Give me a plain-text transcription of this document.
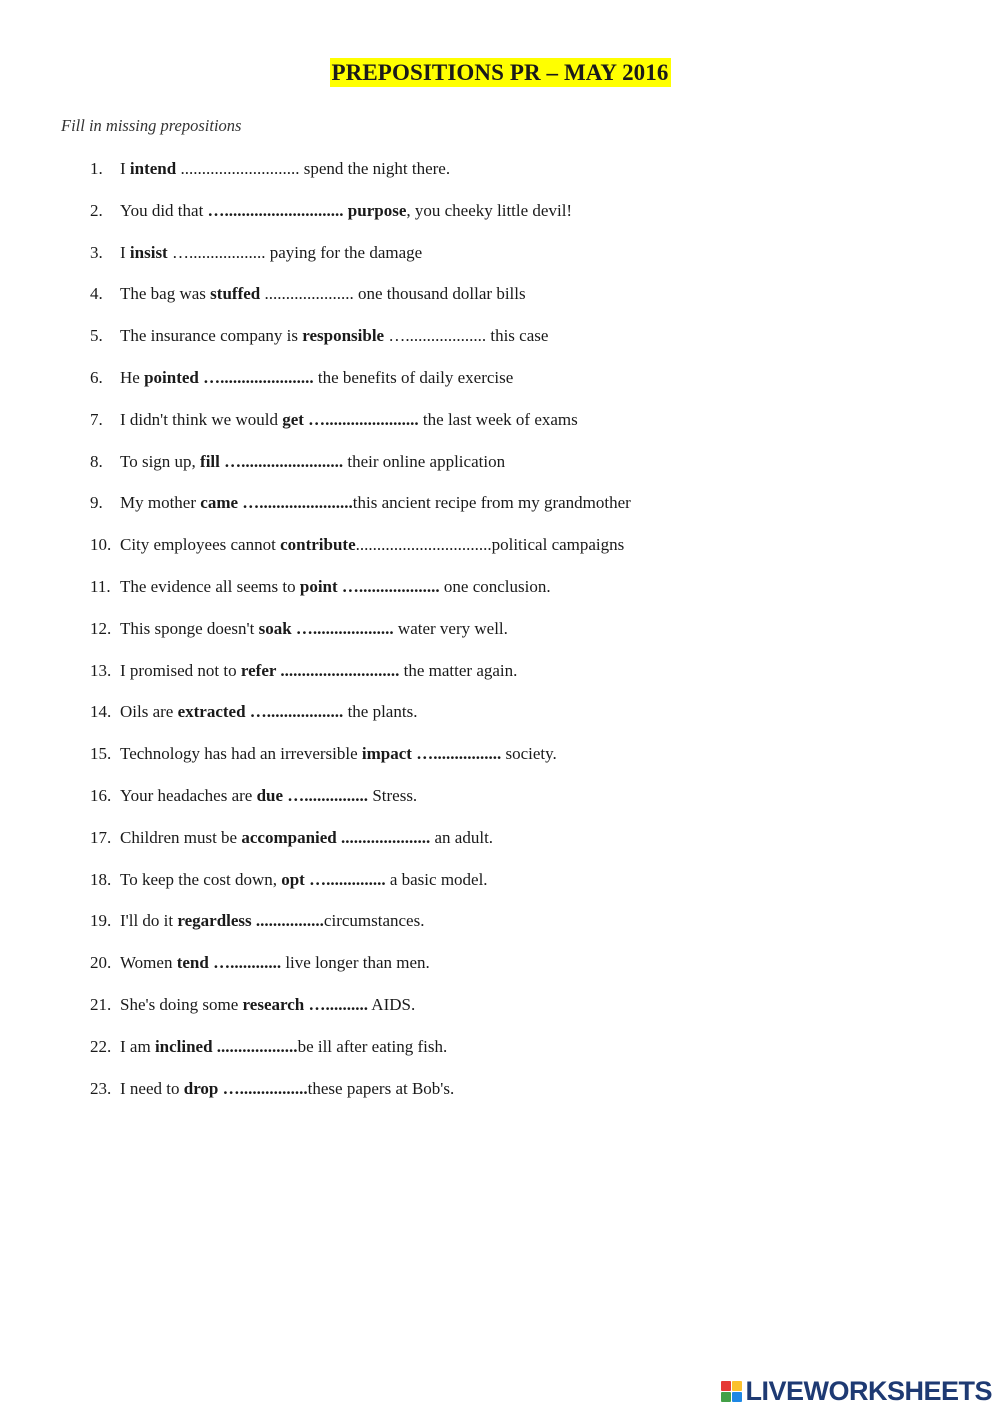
PREPOSITIONS PR – MAY 2016
Fill in missing prepositions
1. I intend ............................ spend the night there.
2. You did that …............................ purpose, you cheeky little devil!
3. I insist ….................. paying for the damage
4. The bag was stuffed ..................... one thousand dollar bills
5. The insurance company is responsible …................... this case
6. He pointed …...................... the benefits of daily exercise
7. I didn't think we would get …...................... the last week of exams
8. To sign up, fill …........................ their online application
9. My mother came …......................this ancient recipe from my grandmother
10. City employees cannot contribute................................political campaigns
11. The evidence all seems to point …................... one conclusion.
12. This sponge doesn't soak …................... water very well.
13. I promised not to refer ............................ the matter again.
14. Oils are extracted ….................. the plants.
15. Technology has had an irreversible impact …................ society.
16. Your headaches are due …............... Stress.
17. Children must be accompanied ..................... an adult.
18. To keep the cost down, opt ….............. a basic model.
19. I'll do it regardless ................circumstances.
20. Women tend …............ live longer than men.
21. She's doing some research ….......... AIDS.
22. I am inclined ...................be ill after eating fish.
23. I need to drop …................these papers at Bob's.
LIVEWORKSHEETS
